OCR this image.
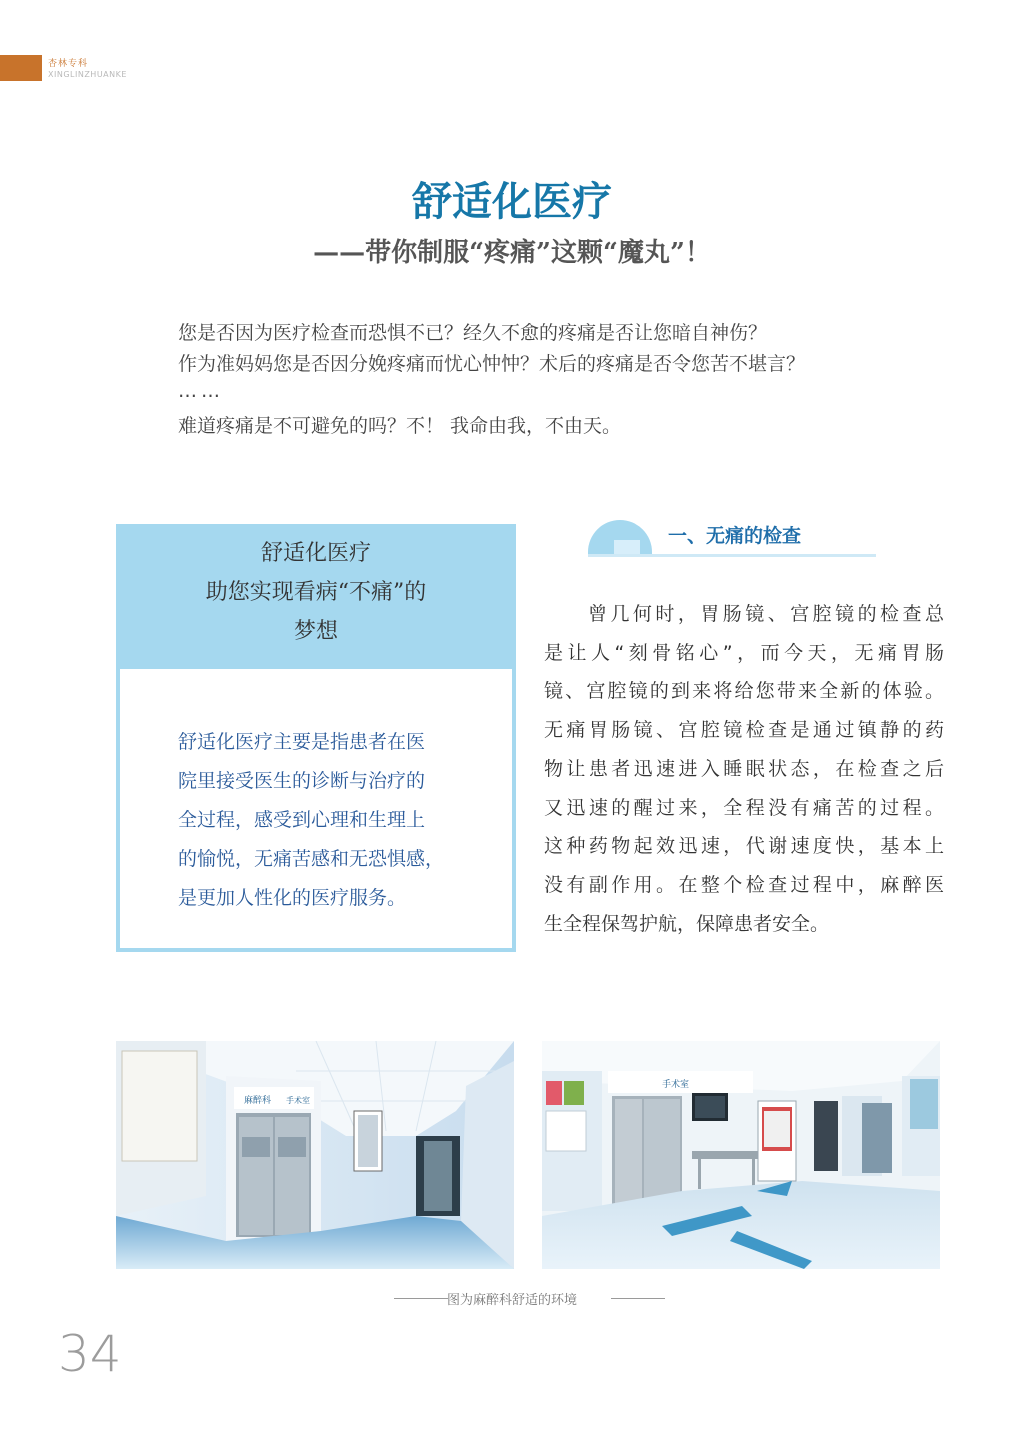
杏林专科
XINGLINZHUANKE
舒适化医疗
——带你制服“疼痛”这颗“魔丸”！
您是否因为医疗检查而恐惧不已？经久不愈的疼痛是否让您暗自神伤？
作为准妈妈您是否因分娩疼痛而忧心忡忡？术后的疼痛是否令您苦不堪言？
……
难道疼痛是不可避免的吗？不！ 我命由我，不由天。
舒适化医疗
助您实现看病“不痛”的
梦想
舒适化医疗主要是指患者在医
院里接受医生的诊断与治疗的
全过程，感受到心理和生理上
的愉悦，无痛苦感和无恐惧感，
是更加人性化的医疗服务。
一、无痛的检查
曾几何时，胃肠镜、宫腔镜的检查总
是让人“刻骨铭心”，而今天，无痛胃肠
镜、宫腔镜的到来将给您带来全新的体验。
无痛胃肠镜、宫腔镜检查是通过镇静的药
物让患者迅速进入睡眠状态，在检查之后
又迅速的醒过来，全程没有痛苦的过程。
这种药物起效迅速，代谢速度快，基本上
没有副作用。在整个检查过程中，麻醉医
生全程保驾护航，保障患者安全。
麻醉科 手术室
手术室
图为麻醉科舒适的环境
34
